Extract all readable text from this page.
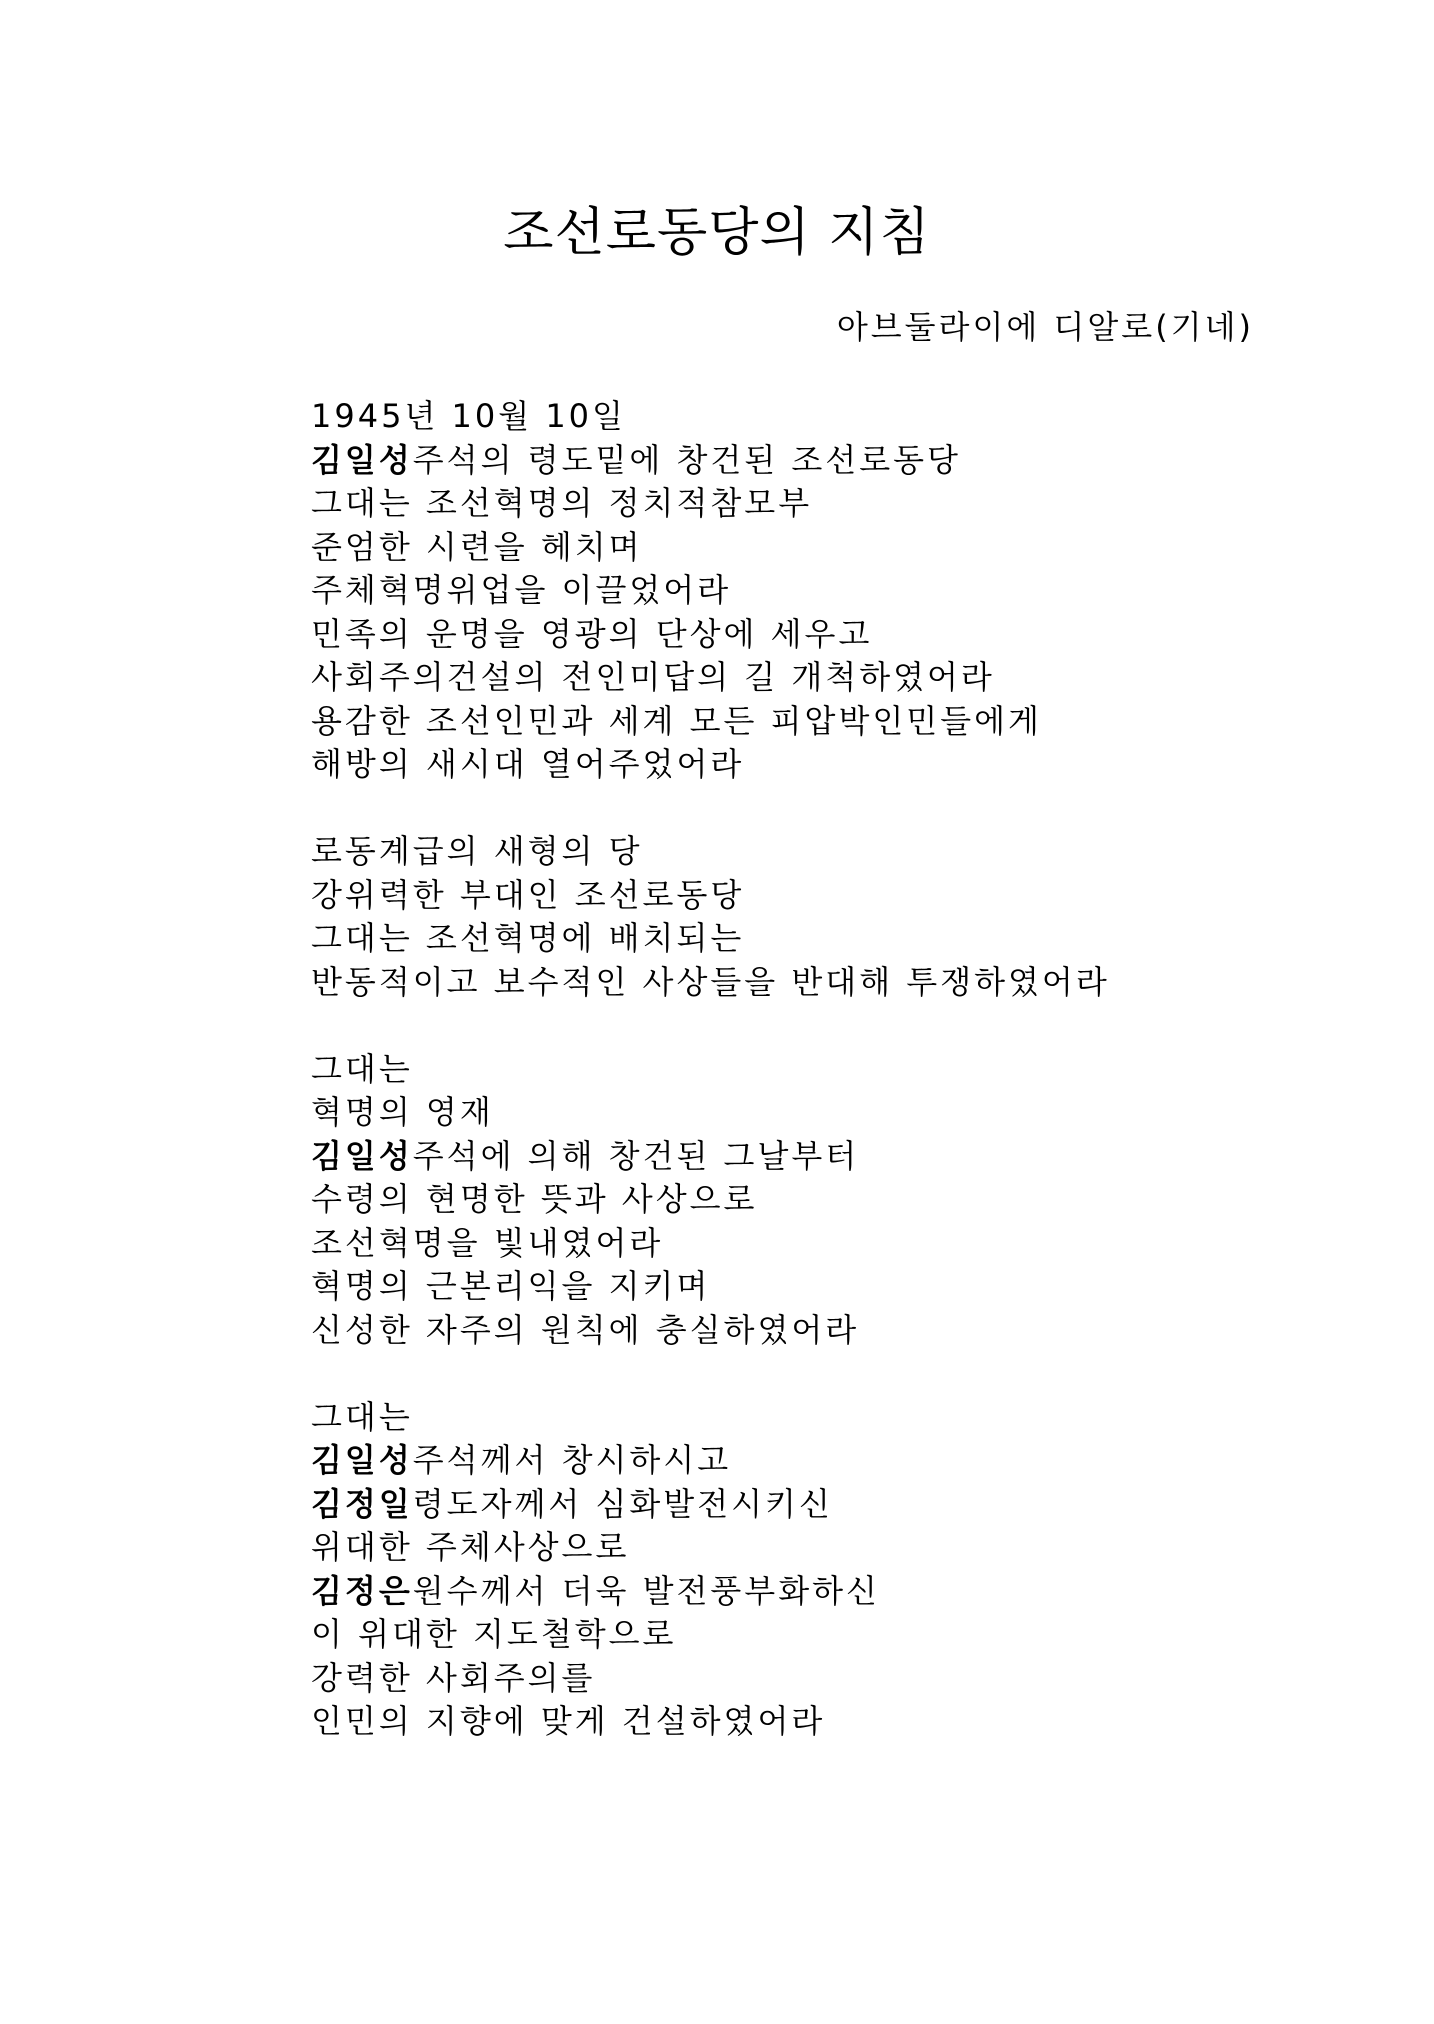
조선로동당의 지침
아브둘라이에 디알로(기네)
1945년 10월 10일
김일성주석의 령도밑에 창건된 조선로동당
그대는 조선혁명의 정치적참모부
준엄한 시련을 헤치며
주체혁명위업을 이끌었어라
민족의 운명을 영광의 단상에 세우고
사회주의건설의 전인미답의 길 개척하였어라
용감한 조선인민과 세계 모든 피압박인민들에게
해방의 새시대 열어주었어라
로동계급의 새형의 당
강위력한 부대인 조선로동당
그대는 조선혁명에 배치되는
반동적이고 보수적인 사상들을 반대해 투쟁하였어라
그대는
혁명의 영재
김일성주석에 의해 창건된 그날부터
수령의 현명한 뜻과 사상으로
조선혁명을 빛내였어라
혁명의 근본리익을 지키며
신성한 자주의 원칙에 충실하였어라
그대는
김일성주석께서 창시하시고
김정일령도자께서 심화발전시키신
위대한 주체사상으로
김정은원수께서 더욱 발전풍부화하신
이 위대한 지도철학으로
강력한 사회주의를
인민의 지향에 맞게 건설하였어라
